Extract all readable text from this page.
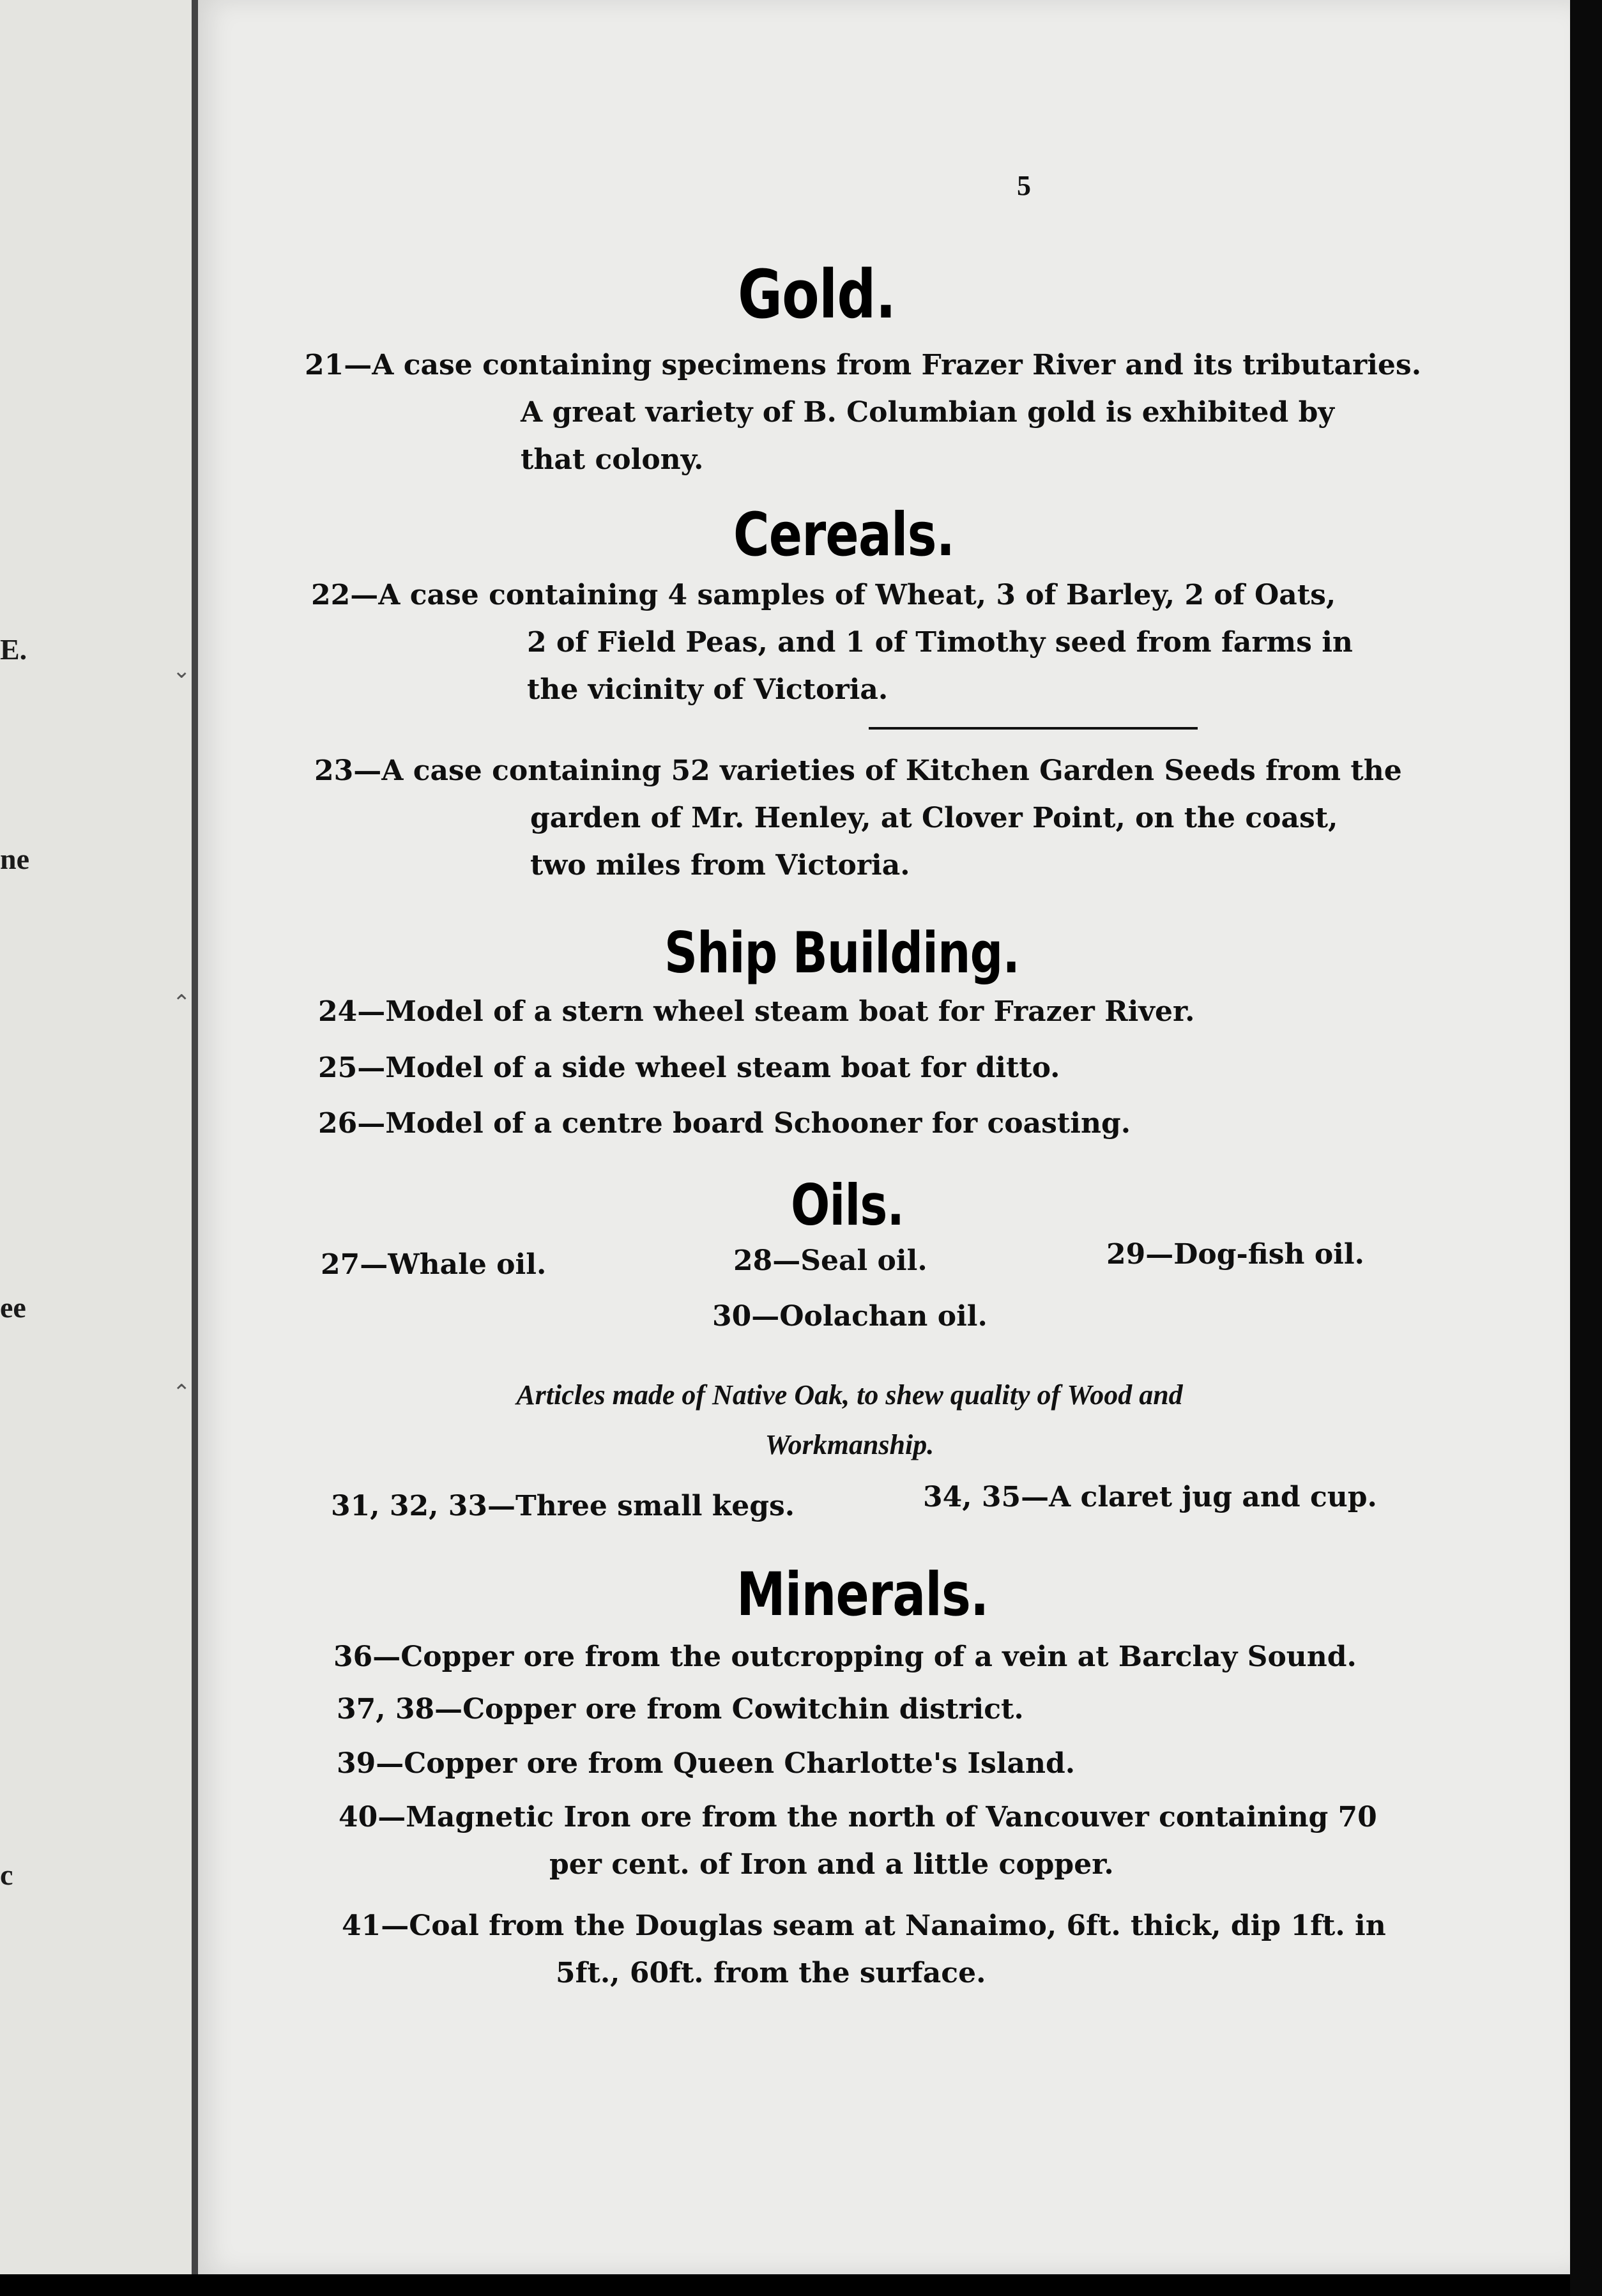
E.
ne
ee
c
5
Gold.
21—A case containing specimens from Frazer River and its tributaries.
A great variety of B. Columbian gold is exhibited by
that colony.
Cereals.
22—A case containing 4 samples of Wheat, 3 of Barley, 2 of Oats,
2 of Field Peas, and 1 of Timothy seed from farms in
the vicinity of Victoria.
23—A case containing 52 varieties of Kitchen Garden Seeds from the
garden of Mr. Henley, at Clover Point, on the coast,
two miles from Victoria.
Ship Building.
24—Model of a stern wheel steam boat for Frazer River.
25—Model of a side wheel steam boat for ditto.
26—Model of a centre board Schooner for coasting.
Oils.
27—Whale oil.	28—Seal oil.	29—Dog-fish oil.
30—Oolachan oil.
Articles made of Native Oak, to shew quality of Wood and
Workmanship.
31, 32, 33—Three small kegs.	34, 35—A claret jug and cup.
Minerals.
36—Copper ore from the outcropping of a vein at Barclay Sound.
37, 38—Copper ore from Cowitchin district.
39—Copper ore from Queen Charlotte's Island.
40—Magnetic Iron ore from the north of Vancouver containing 70
per cent. of Iron and a little copper.
41—Coal from the Douglas seam at Nanaimo, 6ft. thick, dip 1ft. in
5ft., 60ft. from the surface.
⌄
⌃
⌃
